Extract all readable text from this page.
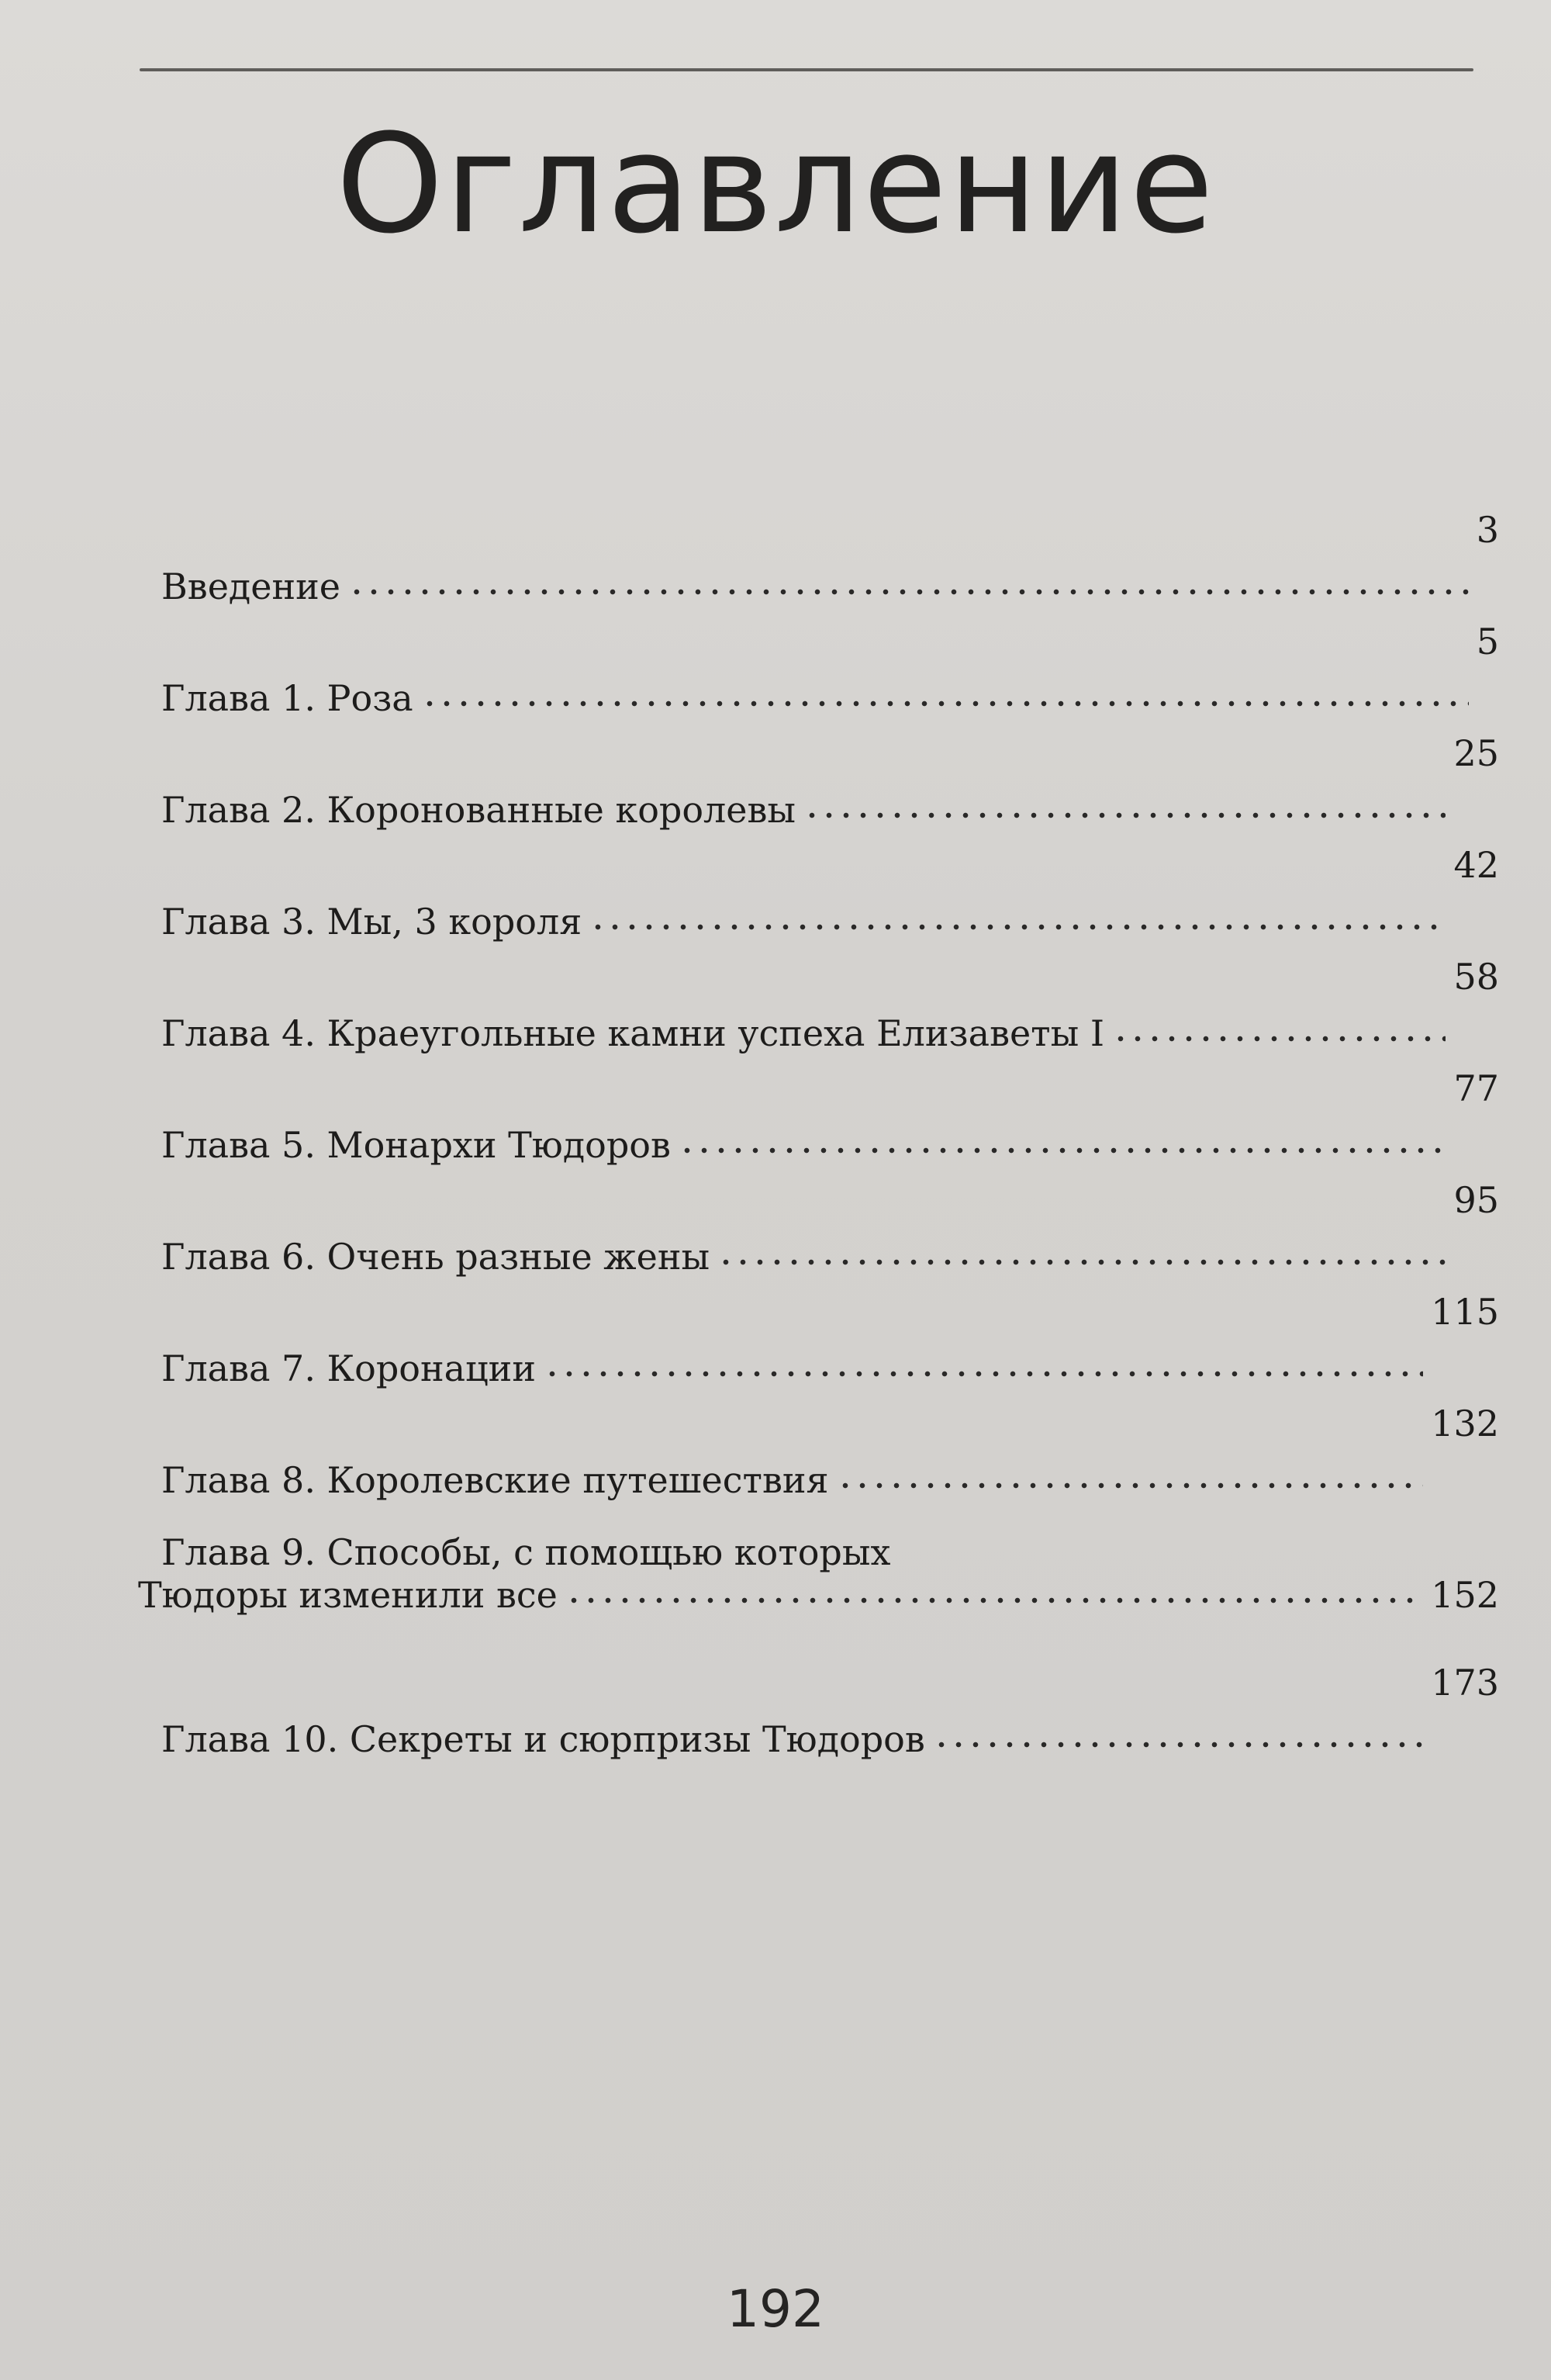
Оглавление
Введение
3
Глава 1. Роза
5
Глава 2. Коронованные королевы
25
Глава 3. Мы, 3 короля
42
Глава 4. Краеугольные камни успеха Елизаветы I
58
Глава 5. Монархи Тюдоров
77
Глава 6. Очень разные жены
95
Глава 7. Коронации
115
Глава 8. Королевские путешествия
132
Глава 9. Способы, с помощью которых
Тюдоры изменили все	152
Глава 10. Секреты и сюрпризы Тюдоров
173
192
